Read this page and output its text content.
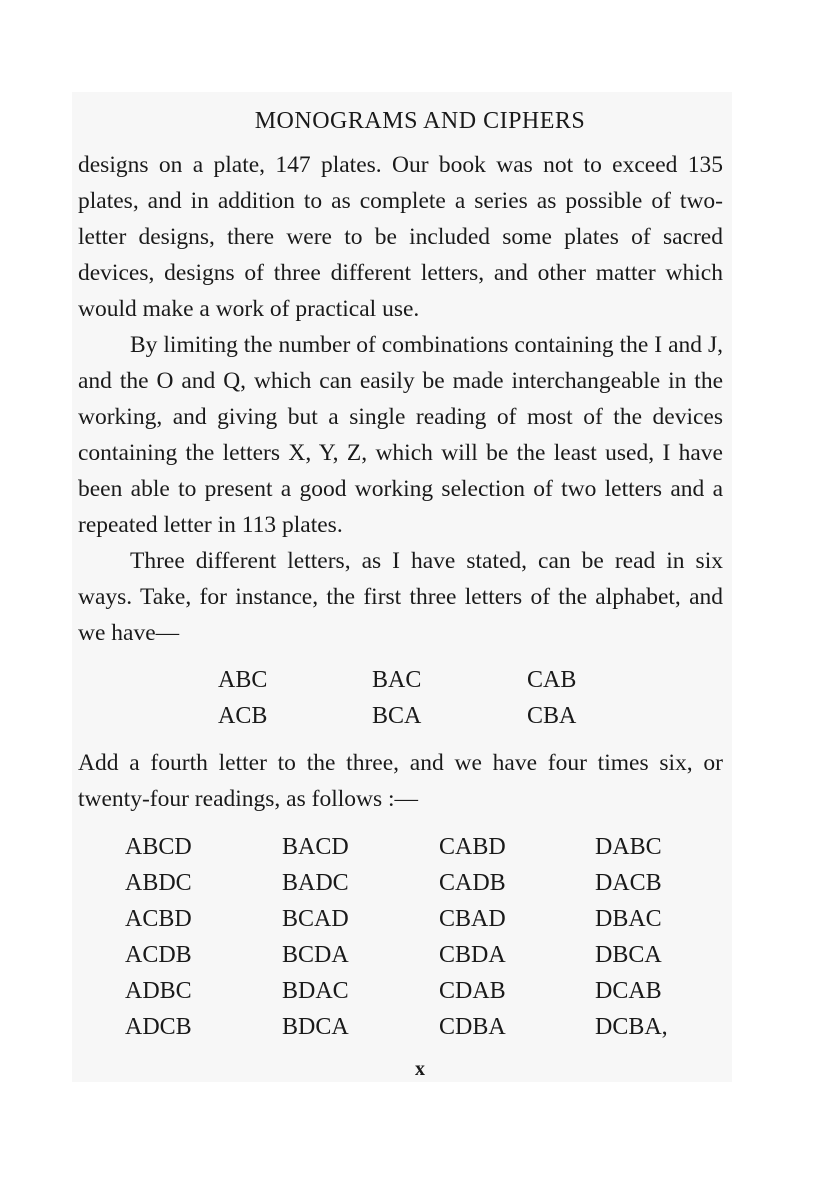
MONOGRAMS AND CIPHERS

designs on a plate, 147 plates. Our book was not to exceed 135 plates, and in addition to as complete a series as possible of two-letter designs, there were to be included some plates of sacred devices, designs of three different letters, and other matter which would make a work of practical use.

By limiting the number of combinations containing the I and J, and the O and Q, which can easily be made interchangeable in the working, and giving but a single reading of most of the devices containing the letters X, Y, Z, which will be the least used, I have been able to present a good working selection of two letters and a repeated letter in 113 plates.

Three different letters, as I have stated, can be read in six ways. Take, for instance, the first three letters of the alphabet, and we have—

ABC	BAC	CAB
ACB	BCA	CBA

Add a fourth letter to the three, and we have four times six, or twenty-four readings, as follows :—

ABCD	BACD	CABD	DABC
ABDC	BADC	CADB	DACB
ACBD	BCAD	CBAD	DBAC
ACDB	BCDA	CBDA	DBCA
ADBC	BDAC	CDAB	DCAB
ADCB	BDCA	CDBA	DCBA,
x
